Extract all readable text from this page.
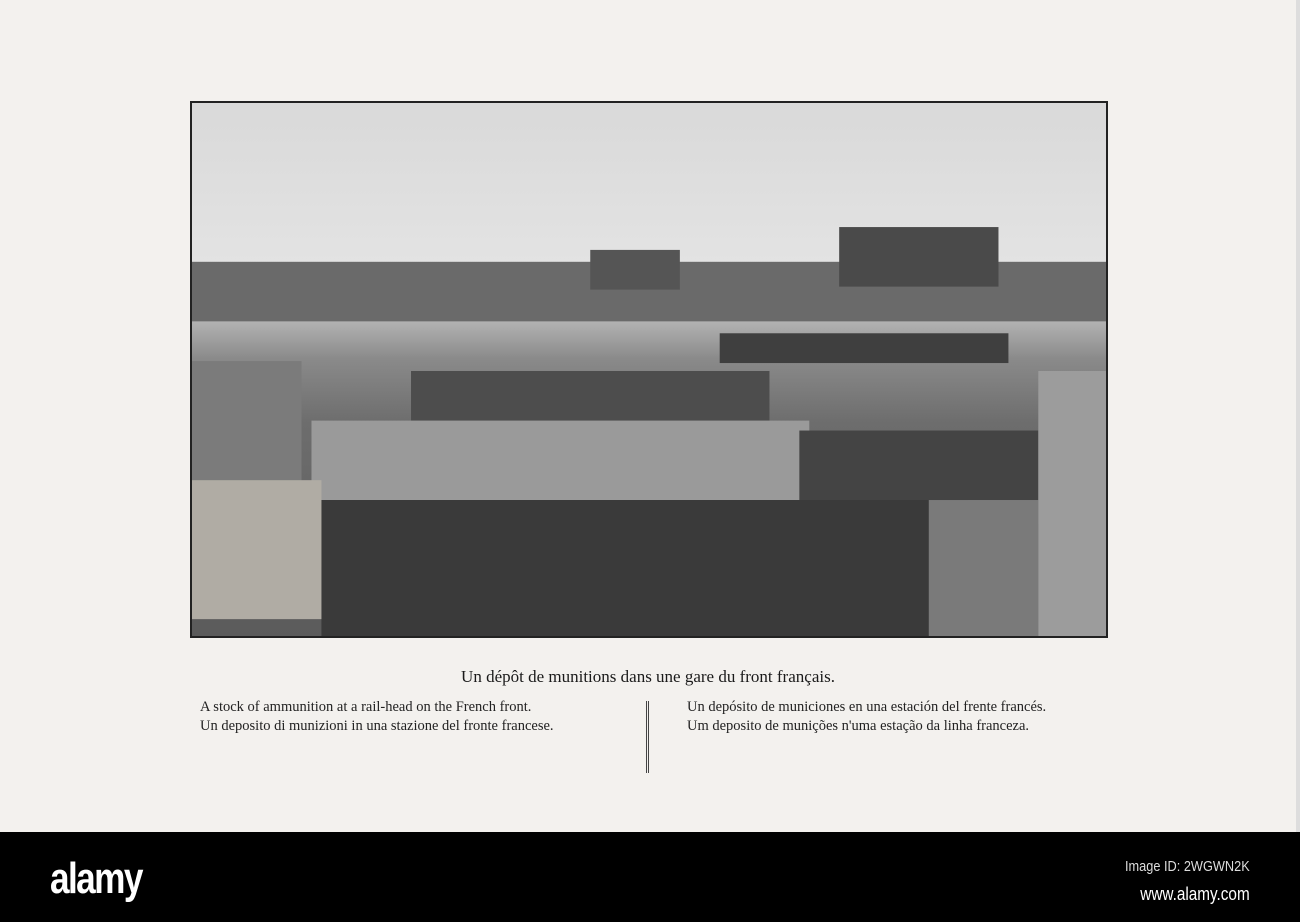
Un dépôt de munitions dans une gare du front français.

A stock of ammunition at a rail-head on the French front.

Un deposito di munizioni in una stazione del fronte francese.

Un depósito de municiones en una estación del frente francés.

Um deposito de munições n'uma estação da linha franceza.

alamy	Image ID: 2WGWN2K
www.alamy.com
